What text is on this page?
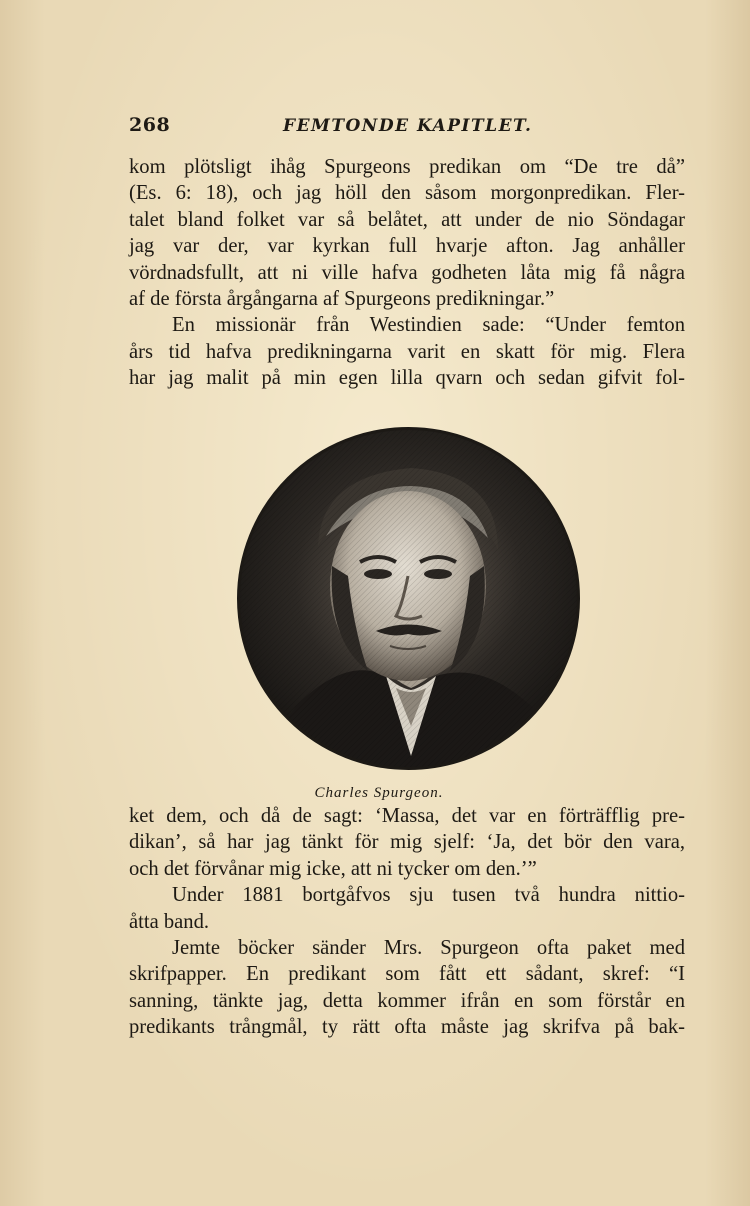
268	FEMTONDE KAPITLET.

kom plötsligt ihåg Spurgeons predikan om “De tre då”

(Es. 6: 18), och jag höll den såsom morgonpredikan. Fler-

talet bland folket var så belåtet, att under de nio Söndagar

jag var der, var kyrkan full hvarje afton. Jag anhåller

vördnadsfullt, att ni ville hafva godheten låta mig få några

af de första årgångarna af Spurgeons predikningar.”

En missionär från Westindien sade: “Under femton

års tid hafva predikningarna varit en skatt för mig. Flera

har jag malit på min egen lilla qvarn och sedan gifvit fol-

Charles Spurgeon.

ket dem, och då de sagt: ‘Massa, det var en förträfflig pre-

dikan’, så har jag tänkt för mig sjelf: ‘Ja, det bör den vara,

och det förvånar mig icke, att ni tycker om den.’”

Under 1881 bortgåfvos sju tusen två hundra nittio-

åtta band.

Jemte böcker sänder Mrs. Spurgeon ofta paket med

skrifpapper. En predikant som fått ett sådant, skref: “I

sanning, tänkte jag, detta kommer ifrån en som förstår en

predikants trångmål, ty rätt ofta måste jag skrifva på bak-
